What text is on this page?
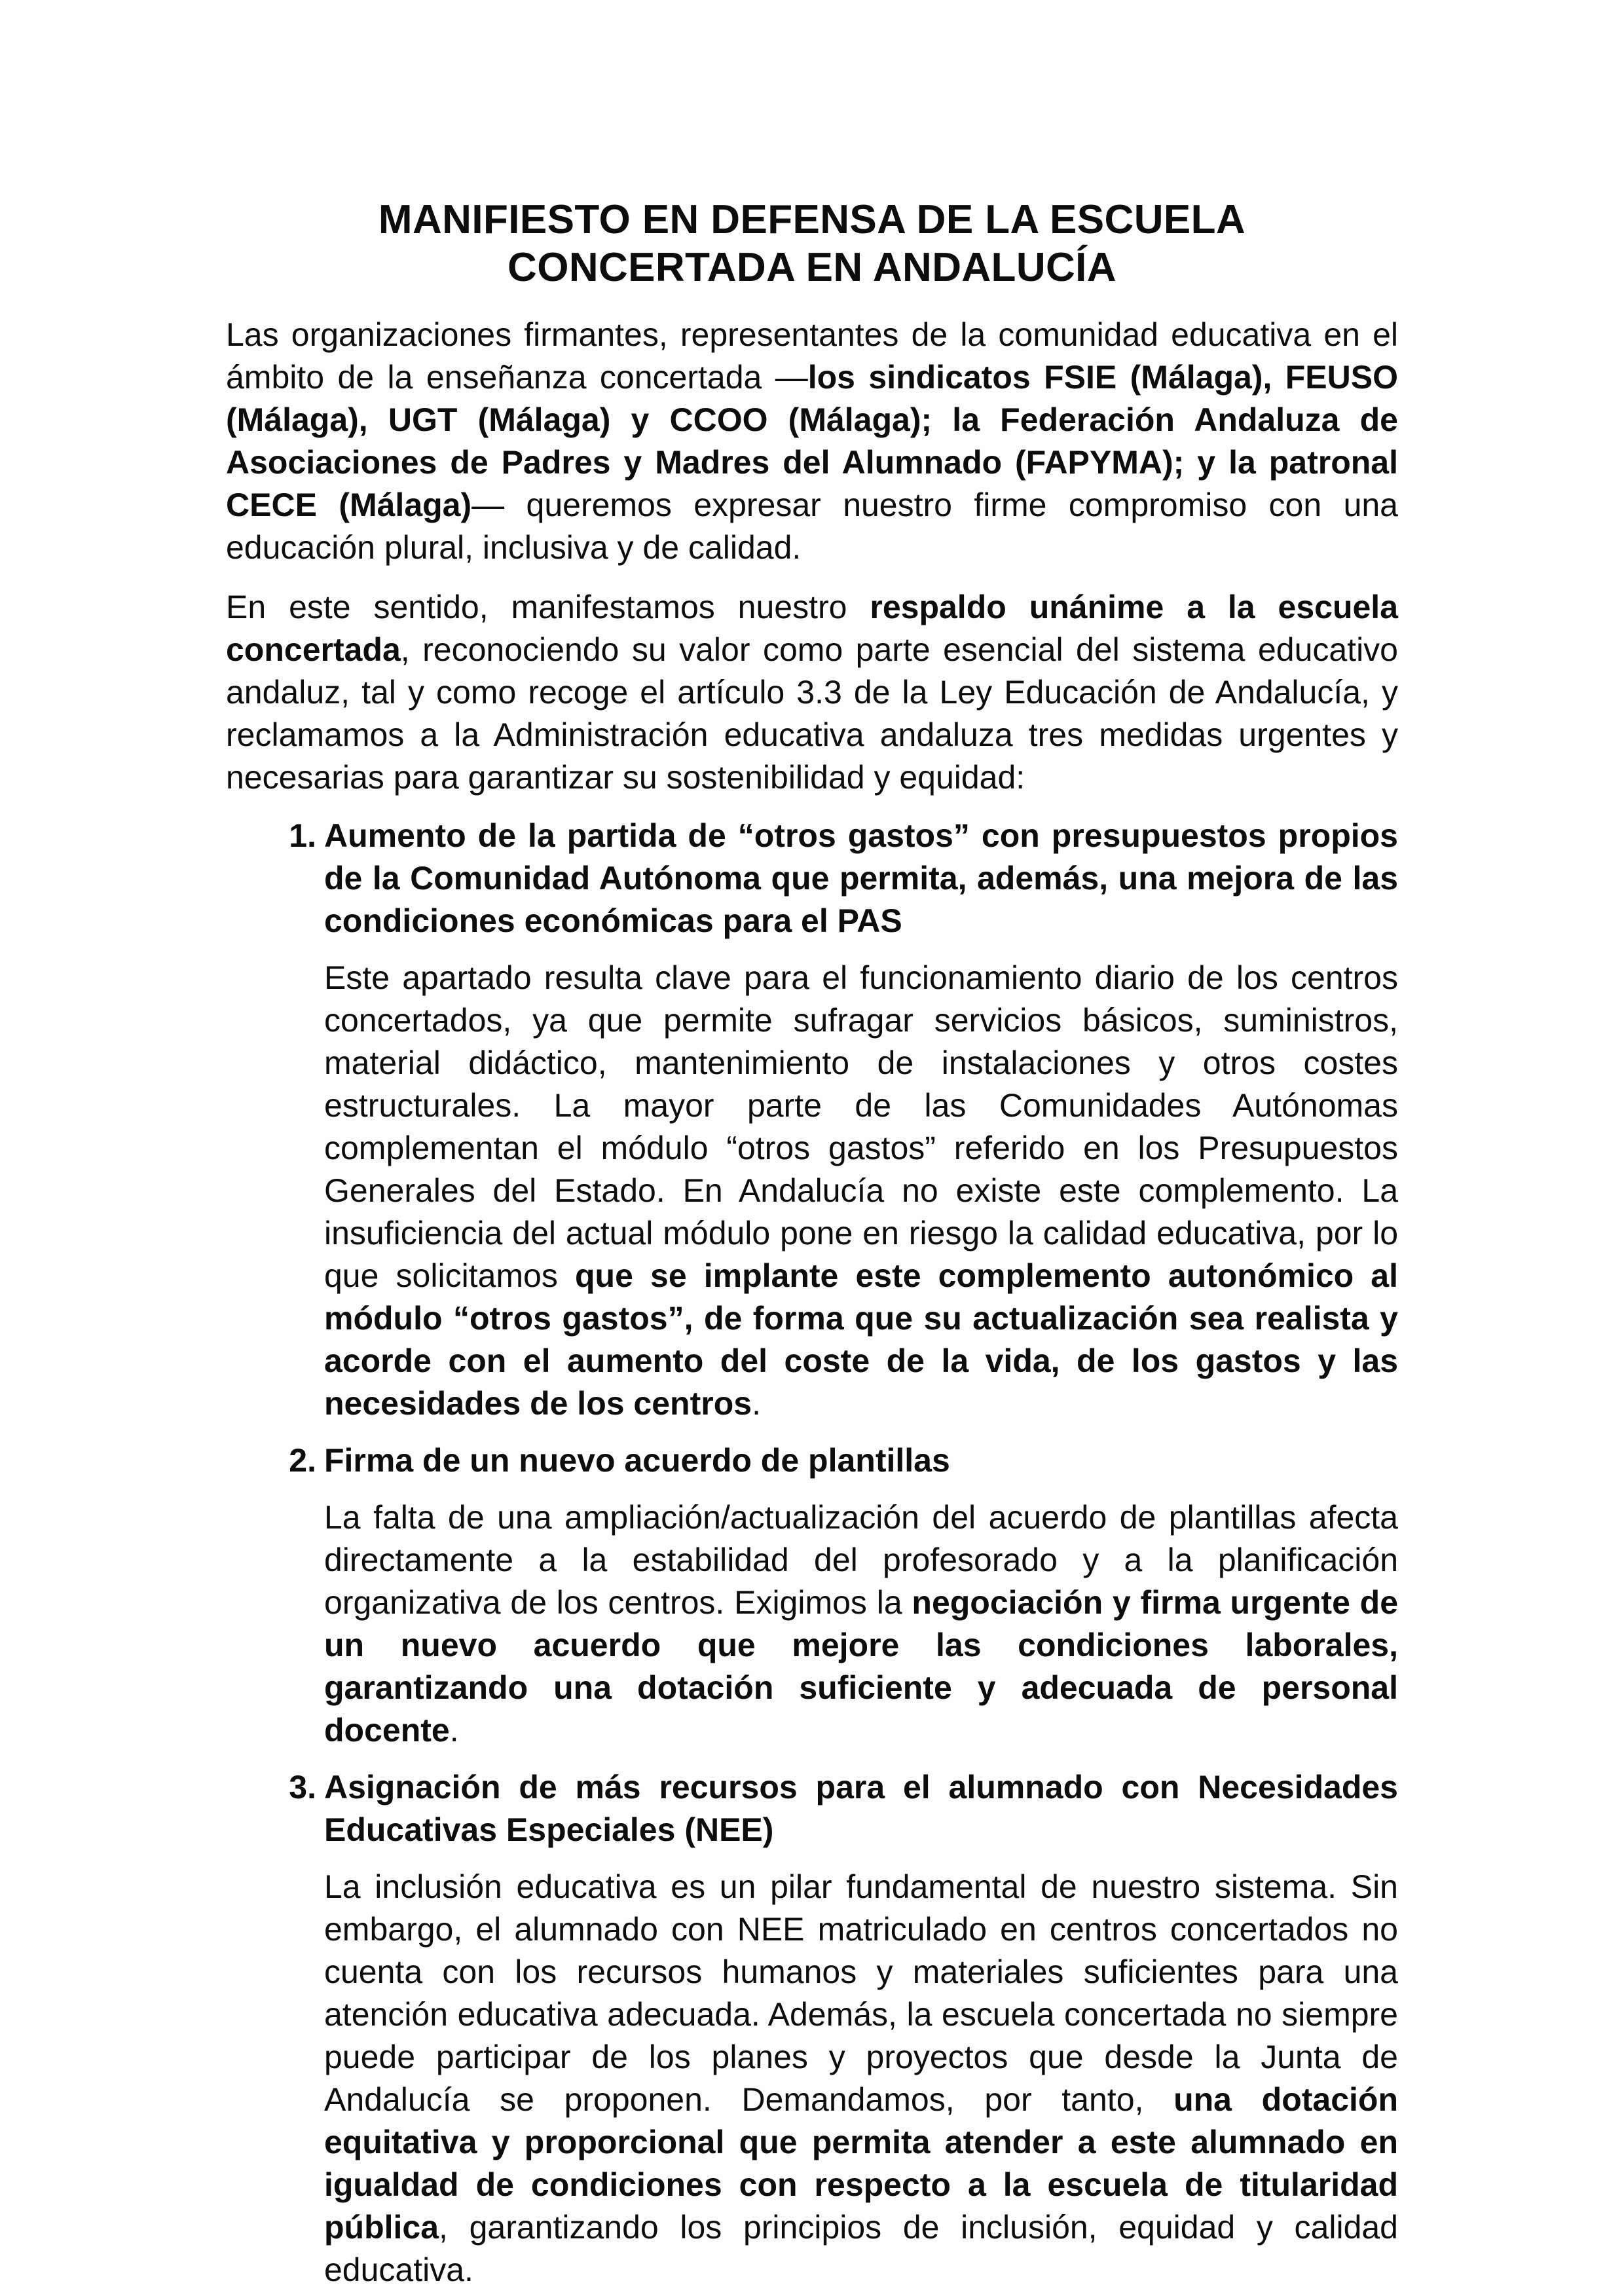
MANIFIESTO EN DEFENSA DE LA ESCUELA
CONCERTADA EN ANDALUCÍA

Las organizaciones firmantes, representantes de la comunidad educativa en el ámbito de la enseñanza concertada —los sindicatos FSIE (Málaga), FEUSO (Málaga), UGT (Málaga) y CCOO (Málaga); la Federación Andaluza de Asociaciones de Padres y Madres del Alumnado (FAPYMA); y la patronal CECE (Málaga)— queremos expresar nuestro firme compromiso con una educación plural, inclusiva y de calidad.

En este sentido, manifestamos nuestro respaldo unánime a la escuela concertada, reconociendo su valor como parte esencial del sistema educativo andaluz, tal y como recoge el artículo 3.3 de la Ley Educación de Andalucía, y reclamamos a la Administración educativa andaluza tres medidas urgentes y necesarias para garantizar su sostenibilidad y equidad:

1. Aumento de la partida de “otros gastos” con presupuestos propios de la Comunidad Autónoma que permita, además, una mejora de las condiciones económicas para el PAS

Este apartado resulta clave para el funcionamiento diario de los centros concertados, ya que permite sufragar servicios básicos, suministros, material didáctico, mantenimiento de instalaciones y otros costes estructurales. La mayor parte de las Comunidades Autónomas complementan el módulo “otros gastos” referido en los Presupuestos Generales del Estado. En Andalucía no existe este complemento. La insuficiencia del actual módulo pone en riesgo la calidad educativa, por lo que solicitamos que se implante este complemento autonómico al módulo “otros gastos”, de forma que su actualización sea realista y acorde con el aumento del coste de la vida, de los gastos y las necesidades de los centros.

2. Firma de un nuevo acuerdo de plantillas

La falta de una ampliación/actualización del acuerdo de plantillas afecta directamente a la estabilidad del profesorado y a la planificación organizativa de los centros. Exigimos la negociación y firma urgente de un nuevo acuerdo que mejore las condiciones laborales, garantizando una dotación suficiente y adecuada de personal docente.

3. Asignación de más recursos para el alumnado con Necesidades Educativas Especiales (NEE)

La inclusión educativa es un pilar fundamental de nuestro sistema. Sin embargo, el alumnado con NEE matriculado en centros concertados no cuenta con los recursos humanos y materiales suficientes para una atención educativa adecuada. Además, la escuela concertada no siempre puede participar de los planes y proyectos que desde la Junta de Andalucía se proponen. Demandamos, por tanto, una dotación equitativa y proporcional que permita atender a este alumnado en igualdad de condiciones con respecto a la escuela de titularidad pública, garantizando los principios de inclusión, equidad y calidad educativa.
